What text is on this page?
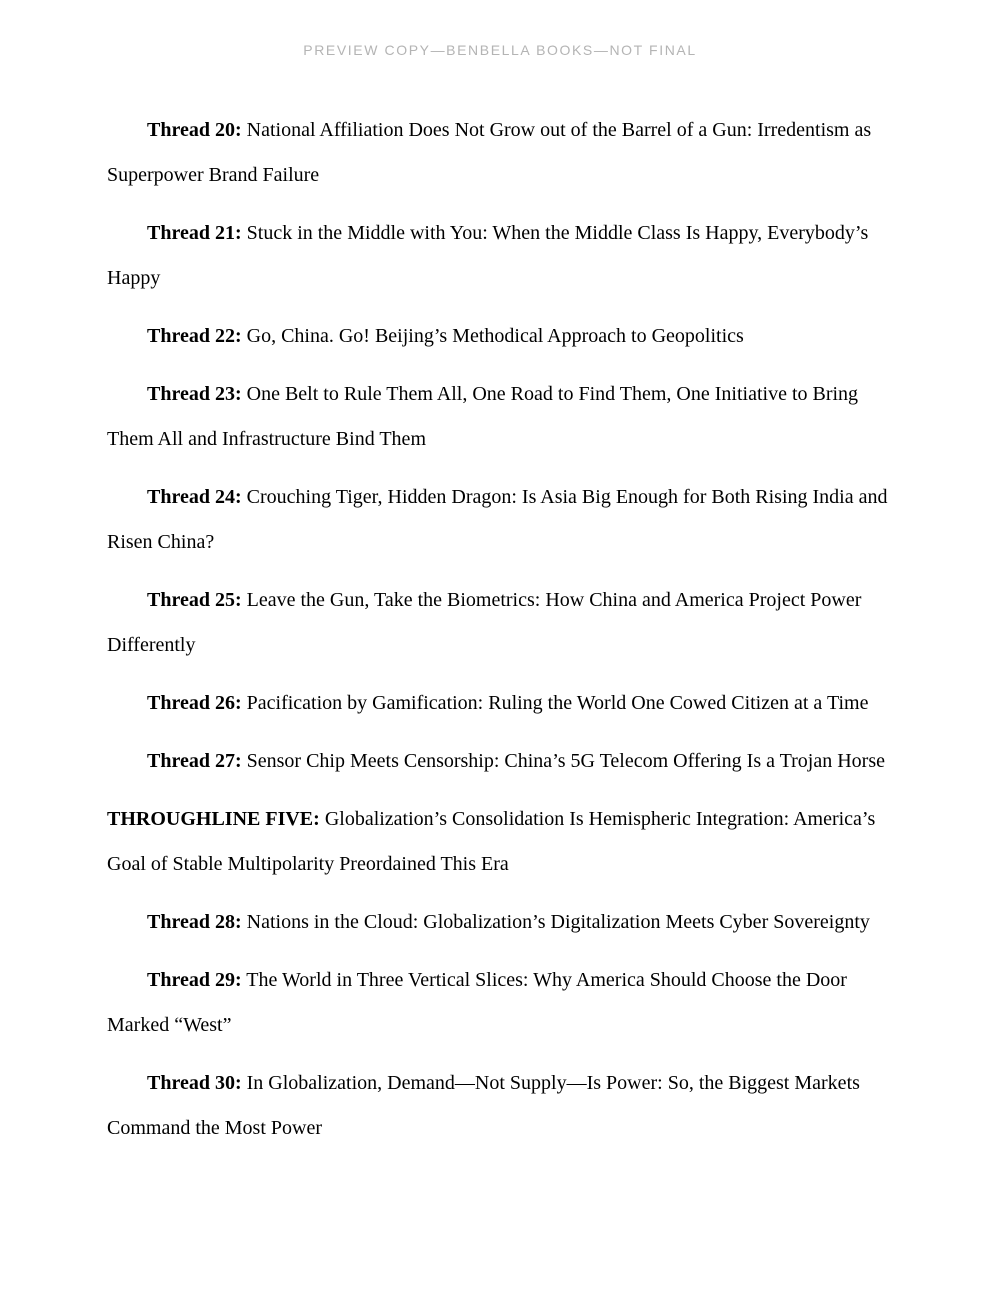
PREVIEW COPY—BENBELLA BOOKS—NOT FINAL

Thread 20: National Affiliation Does Not Grow out of the Barrel of a Gun: Irredentism as Superpower Brand Failure

Thread 21: Stuck in the Middle with You: When the Middle Class Is Happy, Everybody’s Happy

Thread 22: Go, China. Go! Beijing’s Methodical Approach to Geopolitics

Thread 23: One Belt to Rule Them All, One Road to Find Them, One Initiative to Bring Them All and Infrastructure Bind Them

Thread 24: Crouching Tiger, Hidden Dragon: Is Asia Big Enough for Both Rising India and Risen China?

Thread 25: Leave the Gun, Take the Biometrics: How China and America Project Power Differently

Thread 26: Pacification by Gamification: Ruling the World One Cowed Citizen at a Time

Thread 27: Sensor Chip Meets Censorship: China’s 5G Telecom Offering Is a Trojan Horse

THROUGHLINE FIVE: Globalization’s Consolidation Is Hemispheric Integration: America’s Goal of Stable Multipolarity Preordained This Era

Thread 28: Nations in the Cloud: Globalization’s Digitalization Meets Cyber Sovereignty

Thread 29: The World in Three Vertical Slices: Why America Should Choose the Door Marked “West”

Thread 30: In Globalization, Demand—Not Supply—Is Power: So, the Biggest Markets Command the Most Power
